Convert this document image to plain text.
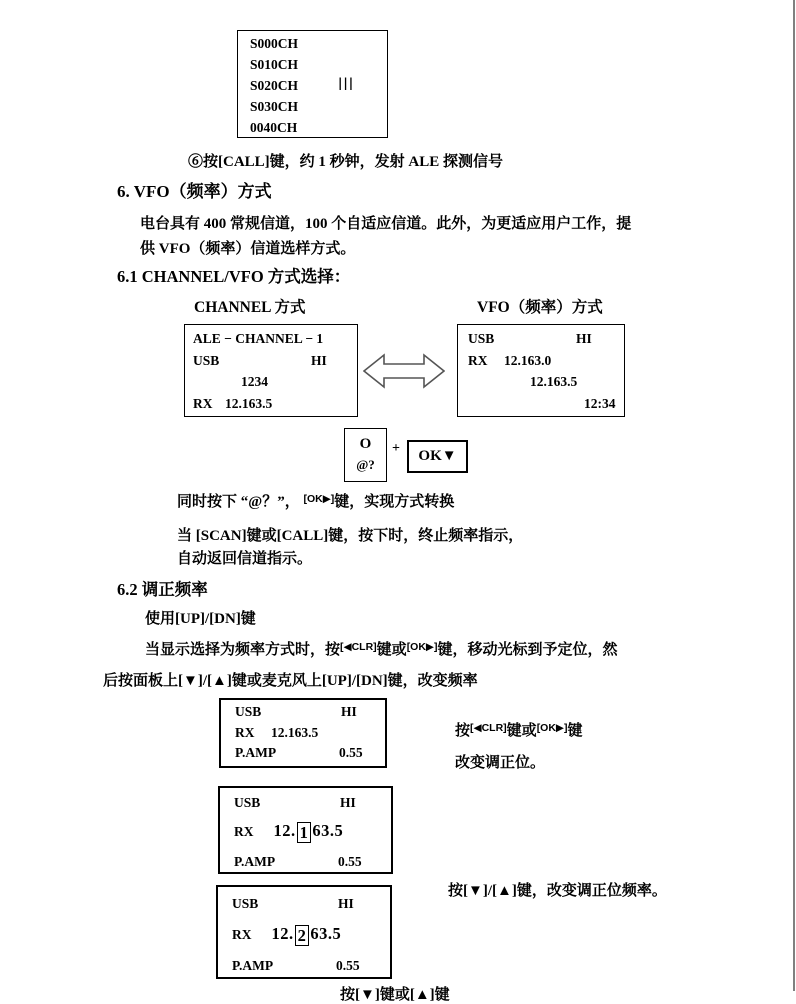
S000CH
S010CH
S020CH
S030CH
0040CH
|||
⑥按[CALL]键，约 1 秒钟，发射 ALE 探测信号
6. VFO（频率）方式
电台具有 400 常规信道，100 个自适应信道。此外，为更适应用户工作，提
供 VFO（频率）信道选样方式。
6.1 CHANNEL/VFO 方式选择：
CHANNEL 方式	VFO（频率）方式
ALE − CHANNEL − 1
USB	HI
1234
RX 12.163.5
USB	HI
RX 12.163.0
12.163.5
12:34
O
@?
+	OK▼
同时按下 “@？”， [OK▶]键，实现方式转换
当 [SCAN]键或[CALL]键，按下时，终止频率指示，
自动返回信道指示。
6.2 调正频率
使用[UP]/[DN]键
当显示选择为频率方式时，按[◀CLR]键或[OK▶]键，移动光标到予定位，然
后按面板上[▼]/[▲]键或麦克风上[UP]/[DN]键，改变频率
USB	HI
RX 12.163.5
P.AMP	0.55
按[◀CLR]键或[OK▶]键
改变调正位。
USB	HI
RX 12. 1 63.5
P.AMP	0.55
按[▼]/[▲]键，改变调正位频率。
USB	HI
RX 12. 2 63.5
P.AMP	0.55
按[▼]键或[▲]键
